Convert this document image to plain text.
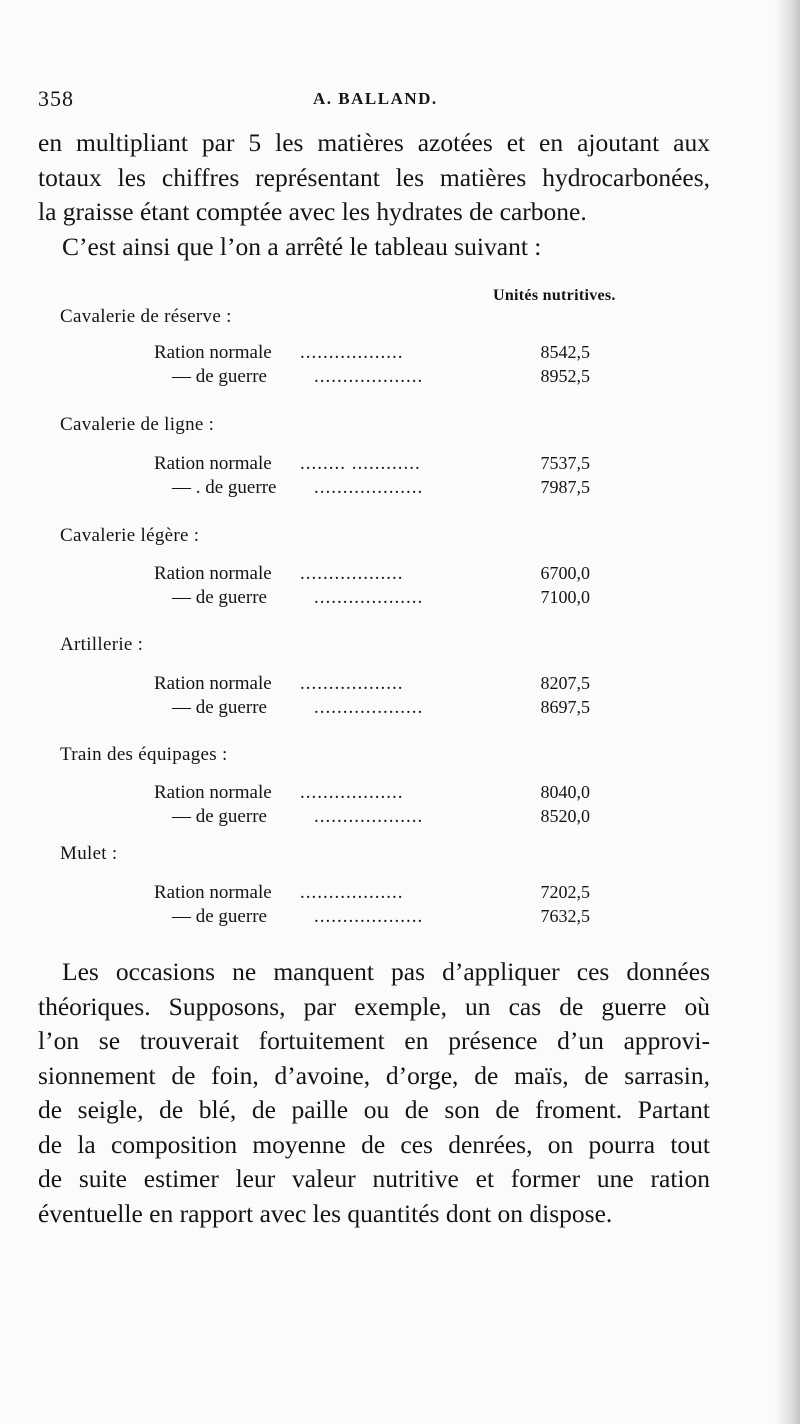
358	A. BALLAND.
en multipliant par 5 les matières azotées et en ajoutant aux
totaux les chiffres représentant les matières hydrocarbonées,
la graisse étant comptée avec les hydrates de carbone.
C’est ainsi que l’on a arrêté le tableau suivant :
Unités nutritives.
Cavalerie de réserve :
Ration normale ..................	8542,5
— de guerre ...................	8952,5
Cavalerie de ligne :
Ration normale ........ ............	7537,5
— . de guerre ...................	7987,5
Cavalerie légère :
Ration normale ..................	6700,0
— de guerre ...................	7100,0
Artillerie :
Ration normale ..................	8207,5
— de guerre ...................	8697,5
Train des équipages :
Ration normale ..................	8040,0
— de guerre ...................	8520,0
Mulet :
Ration normale ..................	7202,5
— de guerre ...................	7632,5
Les occasions ne manquent pas d’appliquer ces données
théoriques. Supposons, par exemple, un cas de guerre où
l’on se trouverait fortuitement en présence d’un approvi-
sionnement de foin, d’avoine, d’orge, de maïs, de sarrasin,
de seigle, de blé, de paille ou de son de froment. Partant
de la composition moyenne de ces denrées, on pourra tout
de suite estimer leur valeur nutritive et former une ration
éventuelle en rapport avec les quantités dont on dispose.
